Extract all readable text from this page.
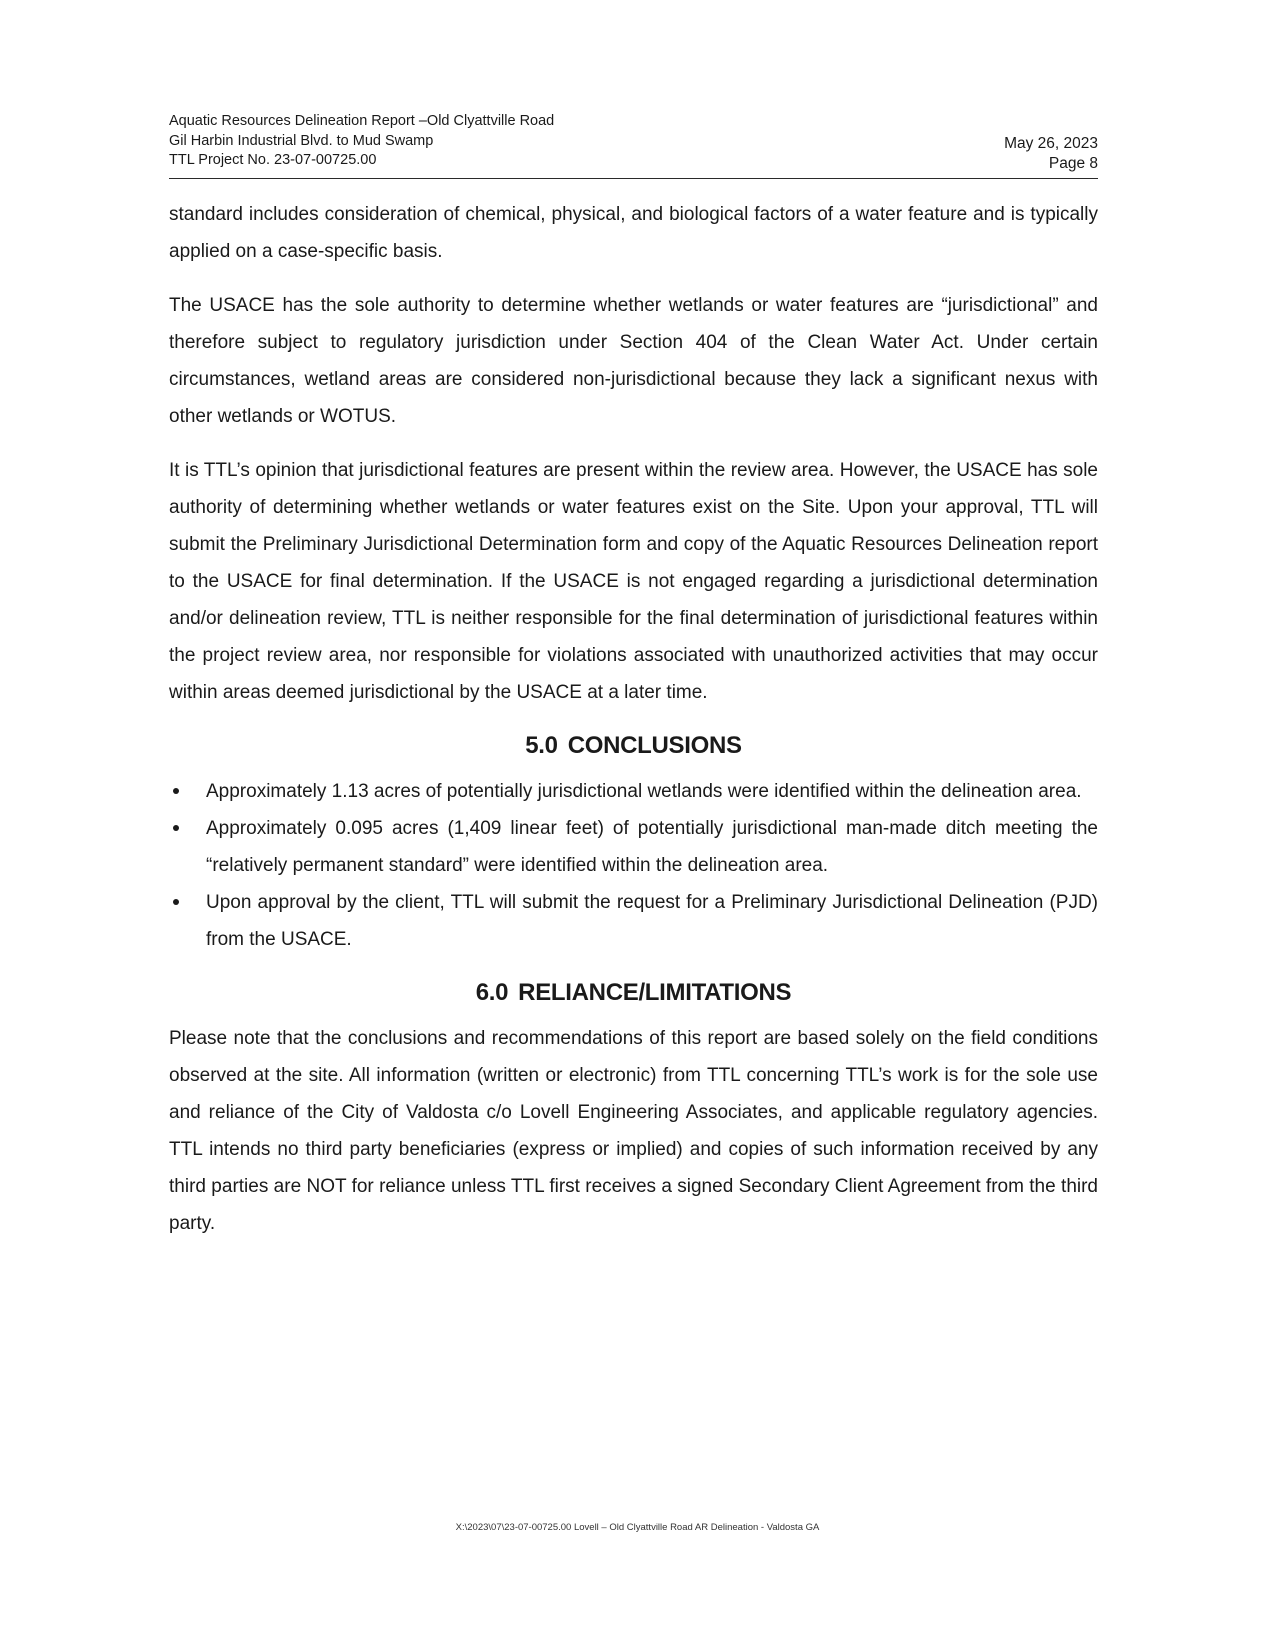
Aquatic Resources Delineation Report –Old Clyattville Road
Gil Harbin Industrial Blvd. to Mud Swamp
TTL Project No. 23-07-00725.00
May 26, 2023
Page 8

standard includes consideration of chemical, physical, and biological factors of a water feature and is typically applied on a case-specific basis.

The USACE has the sole authority to determine whether wetlands or water features are “jurisdictional” and therefore subject to regulatory jurisdiction under Section 404 of the Clean Water Act. Under certain circumstances, wetland areas are considered non-jurisdictional because they lack a significant nexus with other wetlands or WOTUS.

It is TTL’s opinion that jurisdictional features are present within the review area. However, the USACE has sole authority of determining whether wetlands or water features exist on the Site. Upon your approval, TTL will submit the Preliminary Jurisdictional Determination form and copy of the Aquatic Resources Delineation report to the USACE for final determination. If the USACE is not engaged regarding a jurisdictional determination and/or delineation review, TTL is neither responsible for the final determination of jurisdictional features within the project review area, nor responsible for violations associated with unauthorized activities that may occur within areas deemed jurisdictional by the USACE at a later time.

5.0 CONCLUSIONS
Approximately 1.13 acres of potentially jurisdictional wetlands were identified within the delineation area.
Approximately 0.095 acres (1,409 linear feet) of potentially jurisdictional man-made ditch meeting the “relatively permanent standard” were identified within the delineation area.
Upon approval by the client, TTL will submit the request for a Preliminary Jurisdictional Delineation (PJD) from the USACE.
6.0 RELIANCE/LIMITATIONS

Please note that the conclusions and recommendations of this report are based solely on the field conditions observed at the site. All information (written or electronic) from TTL concerning TTL’s work is for the sole use and reliance of the City of Valdosta c/o Lovell Engineering Associates, and applicable regulatory agencies. TTL intends no third party beneficiaries (express or implied) and copies of such information received by any third parties are NOT for reliance unless TTL first receives a signed Secondary Client Agreement from the third party.

X:\2023\07\23-07-00725.00 Lovell – Old Clyattville Road AR Delineation - Valdosta GA
